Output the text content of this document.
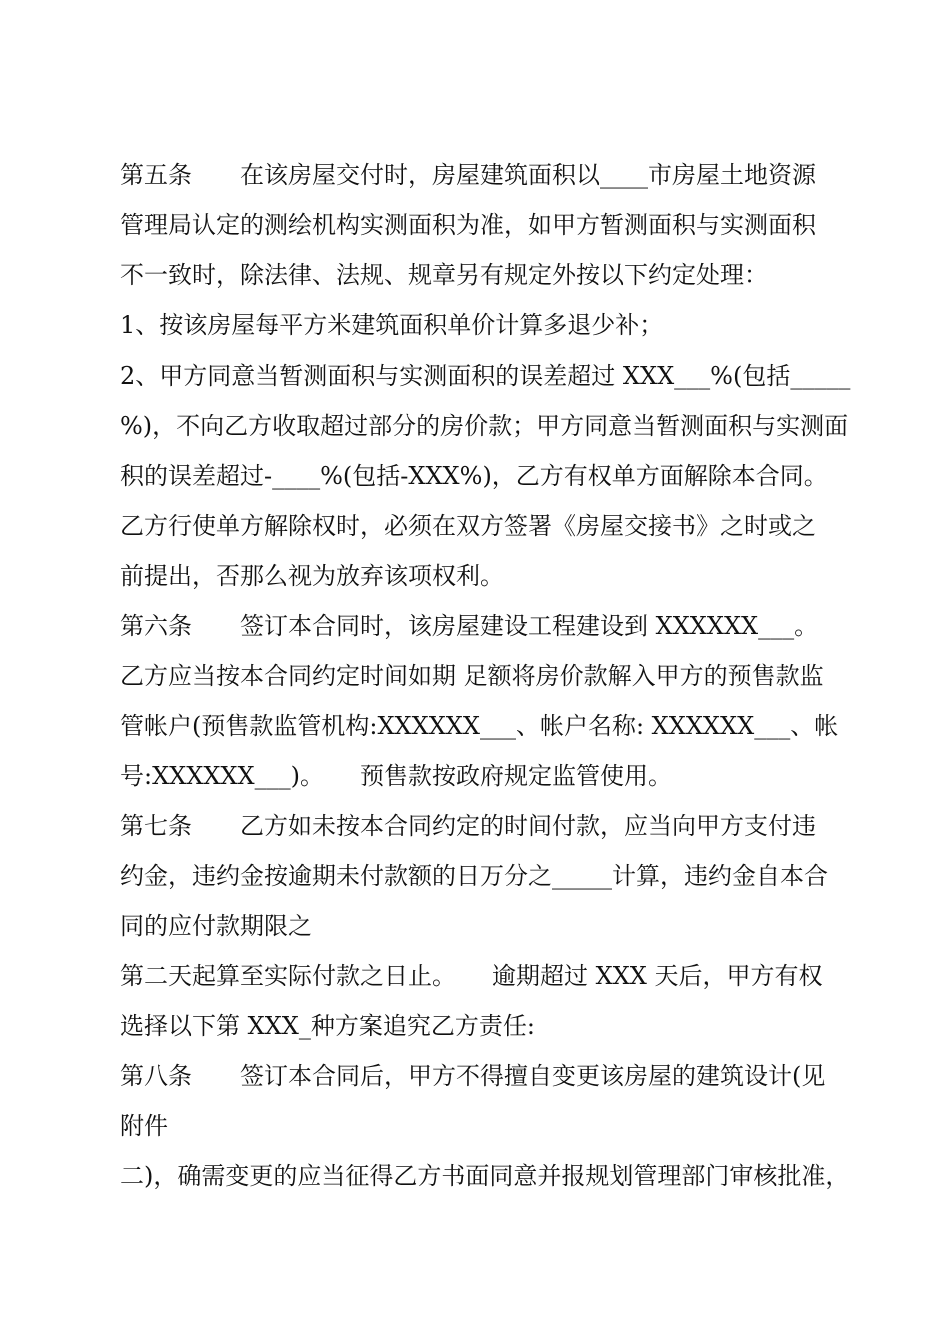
第五条　　在该房屋交付时，房屋建筑面积以____市房屋土地资源
管理局认定的测绘机构实测面积为准，如甲方暂测面积与实测面积
不一致时，除法律、法规、规章另有规定外按以下约定处理：
1、按该房屋每平方米建筑面积单价计算多退少补；
2、甲方同意当暂测面积与实测面积的误差超过 XXX___%(包括_____
%)，不向乙方收取超过部分的房价款；甲方同意当暂测面积与实测面
积的误差超过-____%(包括-XXX%)，乙方有权单方面解除本合同。
乙方行使单方解除权时，必须在双方签署《房屋交接书》之时或之
前提出，否那么视为放弃该项权利。
第六条　　签订本合同时，该房屋建设工程建设到 XXXXXX___。
乙方应当按本合同约定时间如期 足额将房价款解入甲方的预售款监
管帐户(预售款监管机构:XXXXXX___、帐户名称: XXXXXX___、帐
号:XXXXXX___)。　　预售款按政府规定监管使用。
第七条　　乙方如未按本合同约定的时间付款，应当向甲方支付违
约金，违约金按逾期未付款额的日万分之_____计算，违约金自本合
同的应付款期限之
第二天起算至实际付款之日止。　　逾期超过 XXX 天后，甲方有权
选择以下第 XXX_种方案追究乙方责任:
第八条　　签订本合同后，甲方不得擅自变更该房屋的建筑设计(见
附件
二)，确需变更的应当征得乙方书面同意并报规划管理部门审核批准，
